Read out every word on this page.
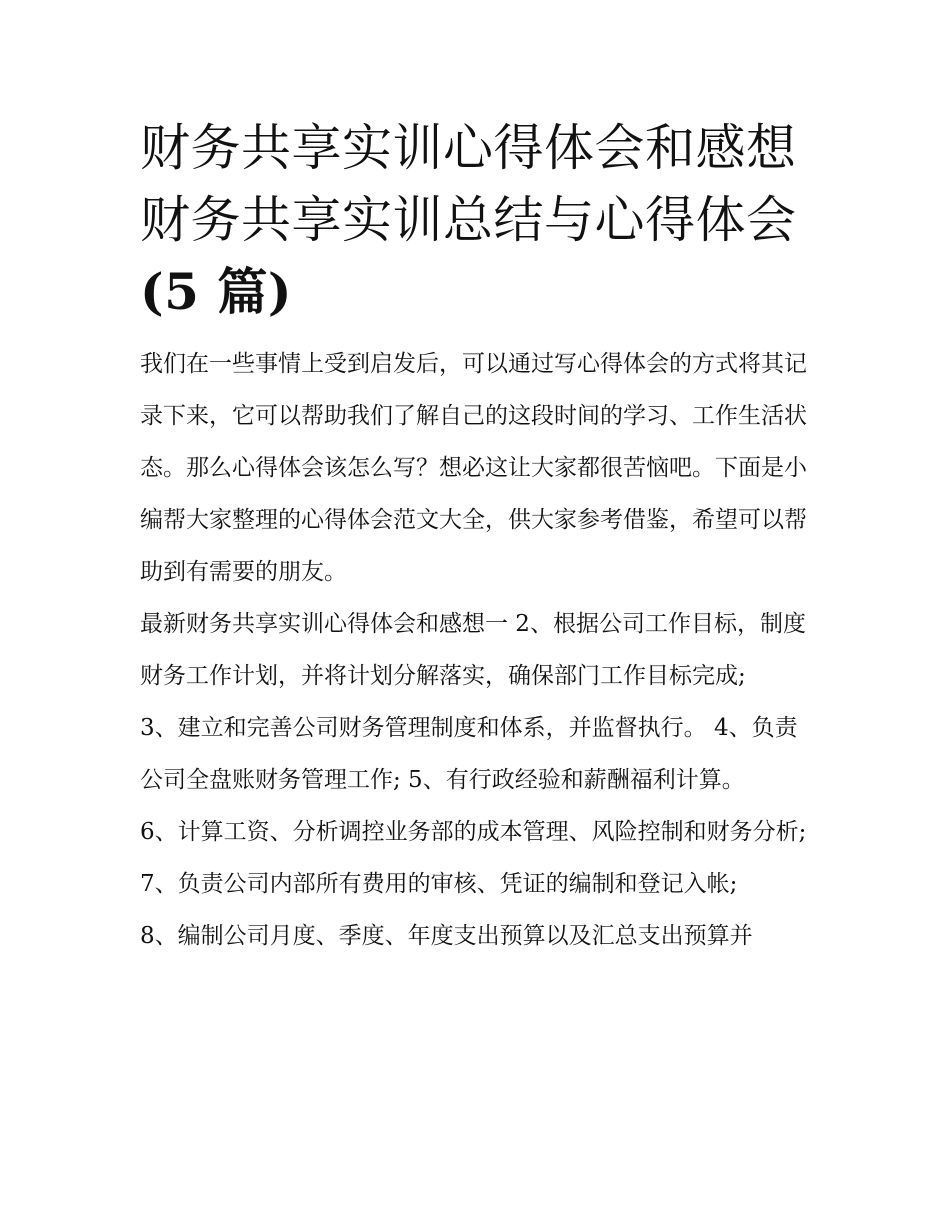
财务共享实训心得体会和感想
财务共享实训总结与心得体会
(5 篇)

我们在一些事情上受到启发后，可以通过写心得体会的方式将其记录下来，它可以帮助我们了解自己的这段时间的学习、工作生活状态。那么心得体会该怎么写？想必这让大家都很苦恼吧。下面是小编帮大家整理的心得体会范文大全，供大家参考借鉴，希望可以帮助到有需要的朋友。

最新财务共享实训心得体会和感想一 2、根据公司工作目标，制度财务工作计划，并将计划分解落实，确保部门工作目标完成;

3、建立和完善公司财务管理制度和体系，并监督执行。 4、负责公司全盘账财务管理工作; 5、有行政经验和薪酬福利计算。

6、计算工资、分析调控业务部的成本管理、风险控制和财务分析; 7、负责公司内部所有费用的审核、凭证的编制和登记入帐;

8、编制公司月度、季度、年度支出预算以及汇总支出预算并
